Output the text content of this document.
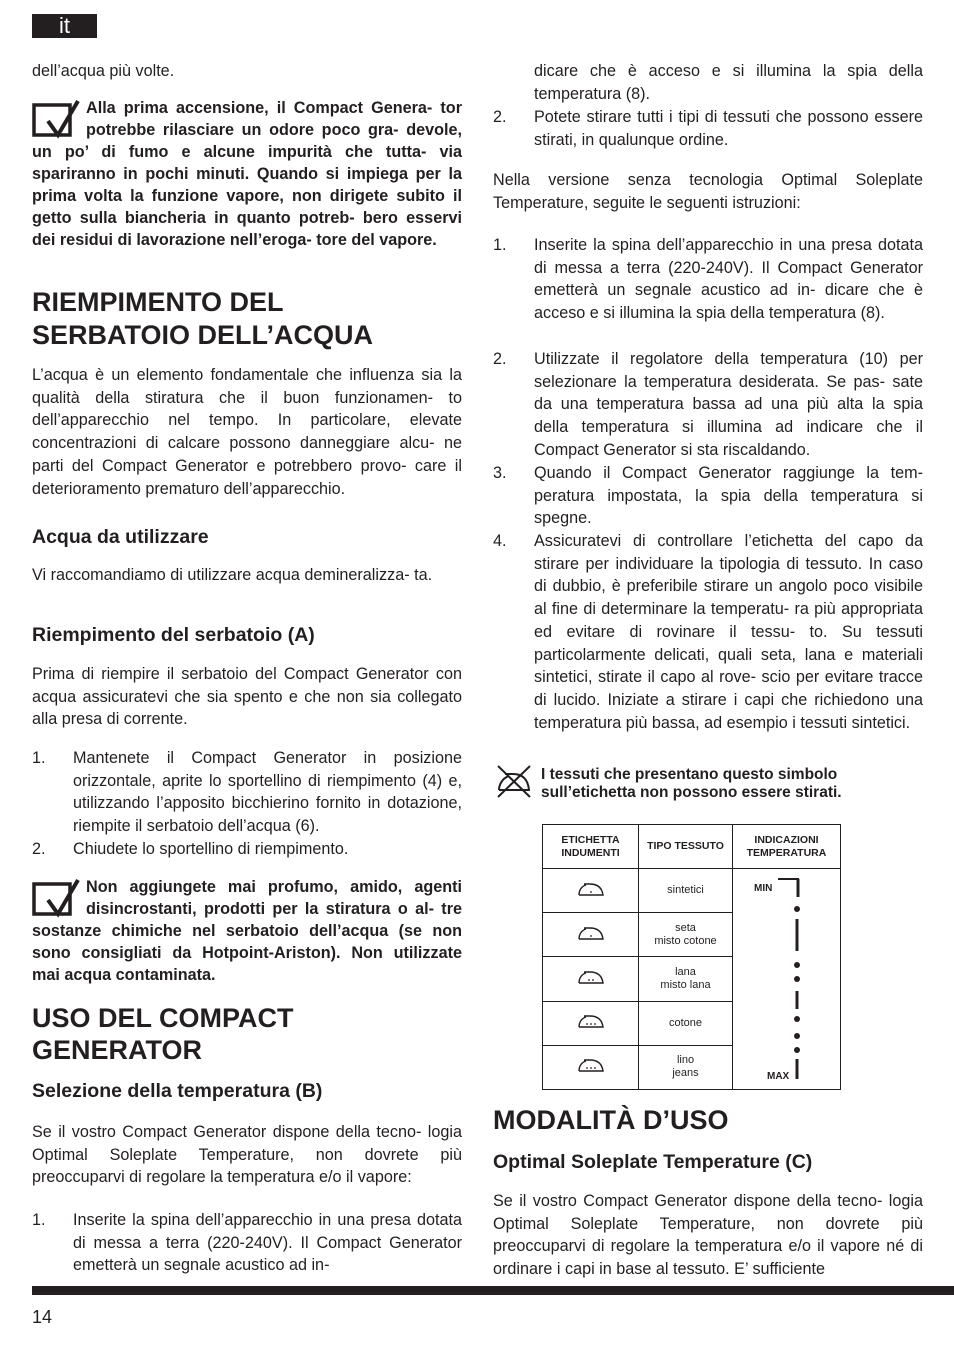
it

dell’acqua più volte.

Alla prima accensione, il Compact Genera- tor potrebbe rilasciare un odore poco gra- devole, un po’ di fumo e alcune impurità che tutta- via spariranno in pochi minuti. Quando si impiega per la prima volta la funzione vapore, non dirigete subito il getto sulla biancheria in quanto potreb- bero esservi dei residui di lavorazione nell’eroga- tore del vapore.
RIEMPIMENTO DEL
SERBATOIO DELL’ACQUA

L’acqua è un elemento fondamentale che influenza sia la qualità della stiratura che il buon funzionamen- to dell’apparecchio nel tempo. In particolare, elevate concentrazioni di calcare possono danneggiare alcu- ne parti del Compact Generator e potrebbero provo- care il deterioramento prematuro dell’apparecchio.

Acqua da utilizzare

Vi raccomandiamo di utilizzare acqua demineralizza- ta.

Riempimento del serbatoio (A)

Prima di riempire il serbatoio del Compact Generator con acqua assicuratevi che sia spento e che non sia collegato alla presa di corrente.

1. Mantenete il Compact Generator in posizione orizzontale, aprite lo sportellino di riempimento (4) e, utilizzando l’apposito bicchierino fornito in dotazione, riempite il serbatoio dell’acqua (6).
2. Chiudete lo sportellino di riempimento.
Non aggiungete mai profumo, amido, agenti disincrostanti, prodotti per la stiratura o al- tre sostanze chimiche nel serbatoio dell’acqua (se non sono consigliati da Hotpoint-Ariston). Non utilizzate mai acqua contaminata.
USO DEL COMPACT
GENERATOR
Selezione della temperatura (B)

Se il vostro Compact Generator dispone della tecno- logia Optimal Soleplate Temperature, non dovrete più preoccuparvi di regolare la temperatura e/o il vapore:

1. Inserite la spina dell’apparecchio in una presa dotata di messa a terra (220-240V). Il Compact Generator emetterà un segnale acustico ad in-
dicare che è acceso e si illumina la spia della temperatura (8).
2. Potete stirare tutti i tipi di tessuti che possono essere stirati, in qualunque ordine.

Nella versione senza tecnologia Optimal Soleplate Temperature, seguite le seguenti istruzioni:

1. Inserite la spina dell’apparecchio in una presa dotata di messa a terra (220-240V). Il Compact Generator emetterà un segnale acustico ad in- dicare che è acceso e si illumina la spia della temperatura (8).
2. Utilizzate il regolatore della temperatura (10) per selezionare la temperatura desiderata. Se pas- sate da una temperatura bassa ad una più alta la spia della temperatura si illumina ad indicare che il Compact Generator si sta riscaldando.
3. Quando il Compact Generator raggiunge la tem- peratura impostata, la spia della temperatura si spegne.
4. Assicuratevi di controllare l’etichetta del capo da stirare per individuare la tipologia di tessuto. In caso di dubbio, è preferibile stirare un angolo poco visibile al fine di determinare la temperatu- ra più appropriata ed evitare di rovinare il tessu- to. Su tessuti particolarmente delicati, quali seta, lana e materiali sintetici, stirate il capo al rove- scio per evitare tracce di lucido. Iniziate a stirare i capi che richiedono una temperatura più bassa, ad esempio i tessuti sintetici.
I tessuti che presentano questo simbolo sull’etichetta non possono essere stirati.
ETICHETTA INDUMENTI	TIPO TESSUTO	INDICAZIONI TEMPERATURA
	sintetici	MIN
MAX

	seta
misto cotone	
	lana
misto lana	
	cotone	
	lino
jeans	
MODALITÀ D’USO
Optimal Soleplate Temperature (C)

Se il vostro Compact Generator dispone della tecno- logia Optimal Soleplate Temperature, non dovrete più preoccuparvi di regolare la temperatura e/o il vapore né di ordinare i capi in base al tessuto. E’ sufficiente

14
